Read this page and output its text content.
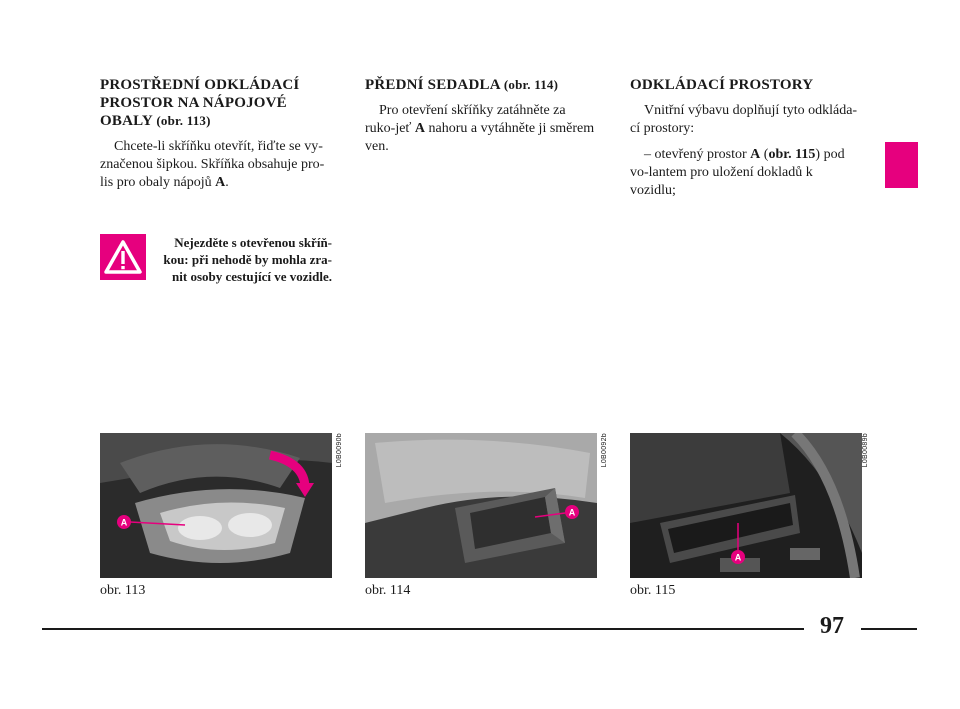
PROSTŘEDNÍ ODKLÁDACÍ PROSTOR NA NÁPOJOVÉ OBALY (obr. 113)

Chcete-li skříňku otevřít, řiďte se vy-značenou šipkou. Skříňka obsahuje pro-lis pro obaly nápojů A.

PŘEDNÍ SEDADLA (obr. 114)

Pro otevření skříňky zatáhněte za ruko-jeť A nahoru a vytáhněte ji směrem ven.

ODKLÁDACÍ PROSTORY

Vnitřní výbavu doplňují tyto odkláda-cí prostory:

– otevřený prostor A (obr. 115) pod vo-lantem pro uložení dokladů k vozidlu;

Nejezděte s otevřenou skříň-kou: při nehodě by mohla zra-nit osoby cestující ve vozidle.
A
L0B0090b
obr. 113
A
L0B0092b
obr. 114
A
L0B0089b
obr. 115
97
